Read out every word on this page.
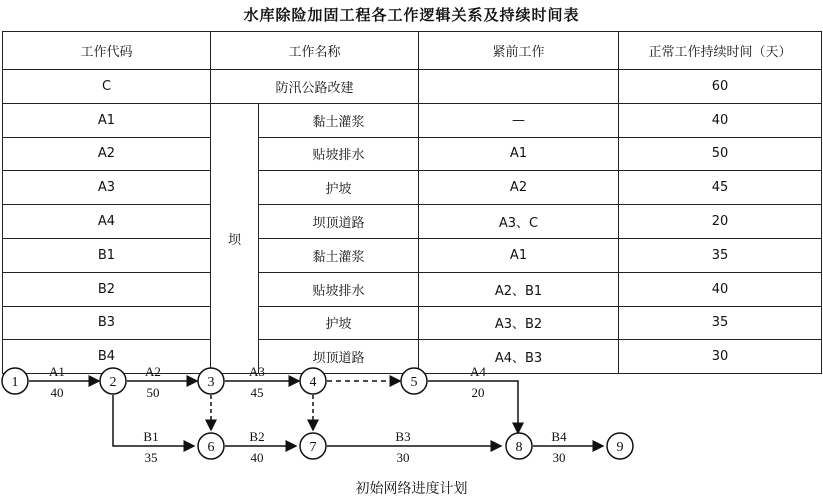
水库除险加固工程各工作逻辑关系及持续时间表
工作代码	工作名称		紧前工作	正常工作持续时间（天）
C	防汛公路改建			60
A1	坝	黏土灌浆	—	40
A2		贴坡排水	A1	50
A3		护坡	A2	45
A4		坝顶道路	A3、C	20
B1		黏土灌浆	A1	35
B2		贴坡排水	A2、B1	40
B3		护坡	A3、B2	35
B4		坝顶道路	A4、B3	30
1	2	3	4	5
6	7	8	9
A1
40
A2
50
A3
45
A4
20
B1
35
B2
40
B3
30
B4
30
初始网络进度计划
